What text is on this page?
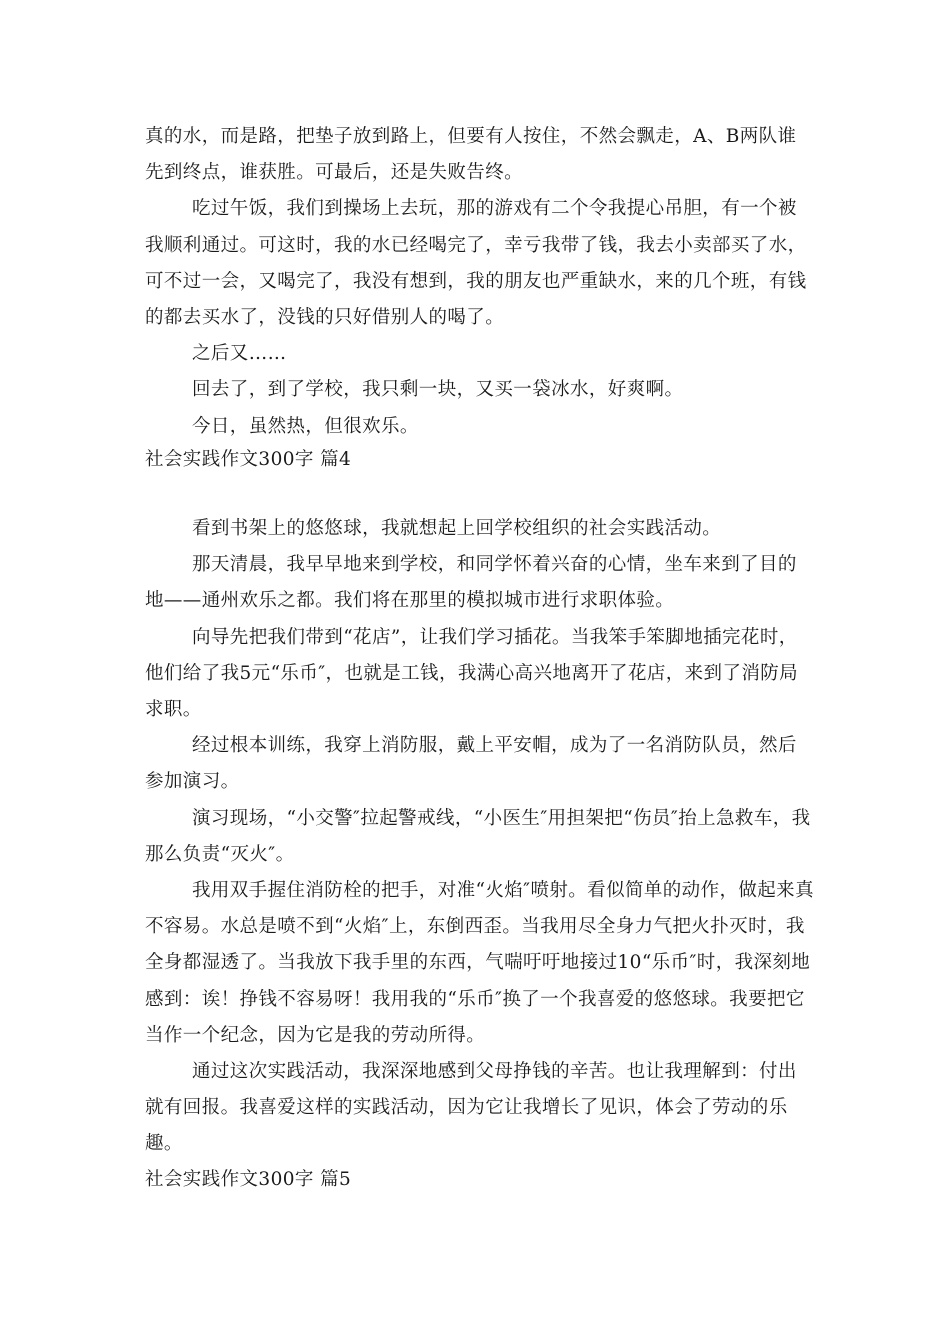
真的水，而是路，把垫子放到路上，但要有人按住，不然会飘走，A、B两队谁先到终点，谁获胜。可最后，还是失败告终。

吃过午饭，我们到操场上去玩，那的游戏有二个令我提心吊胆，有一个被我顺利通过。可这时，我的水已经喝完了，幸亏我带了钱，我去小卖部买了水，可不过一会，又喝完了，我没有想到，我的朋友也严重缺水，来的几个班，有钱的都去买水了，没钱的只好借别人的喝了。

之后又……

回去了，到了学校，我只剩一块，又买一袋冰水，好爽啊。

今日，虽然热，但很欢乐。

社会实践作文300字 篇4

看到书架上的悠悠球，我就想起上回学校组织的社会实践活动。

那天清晨，我早早地来到学校，和同学怀着兴奋的心情，坐车来到了目的地——通州欢乐之都。我们将在那里的模拟城市进行求职体验。

向导先把我们带到“花店”，让我们学习插花。当我笨手笨脚地插完花时，他们给了我5元“乐币″，也就是工钱，我满心高兴地离开了花店，来到了消防局求职。

经过根本训练，我穿上消防服，戴上平安帽，成为了一名消防队员，然后参加演习。

演习现场，“小交警″拉起警戒线，“小医生″用担架把“伤员″抬上急救车，我那么负责“灭火″。

我用双手握住消防栓的把手，对准“火焰″喷射。看似简单的动作，做起来真不容易。水总是喷不到“火焰″上，东倒西歪。当我用尽全身力气把火扑灭时，我全身都湿透了。当我放下我手里的东西，气喘吁吁地接过10“乐币″时，我深刻地感到：诶！挣钱不容易呀！我用我的“乐币″换了一个我喜爱的悠悠球。我要把它当作一个纪念，因为它是我的劳动所得。

通过这次实践活动，我深深地感到父母挣钱的辛苦。也让我理解到：付出就有回报。我喜爱这样的实践活动，因为它让我增长了见识，体会了劳动的乐趣。

社会实践作文300字 篇5
